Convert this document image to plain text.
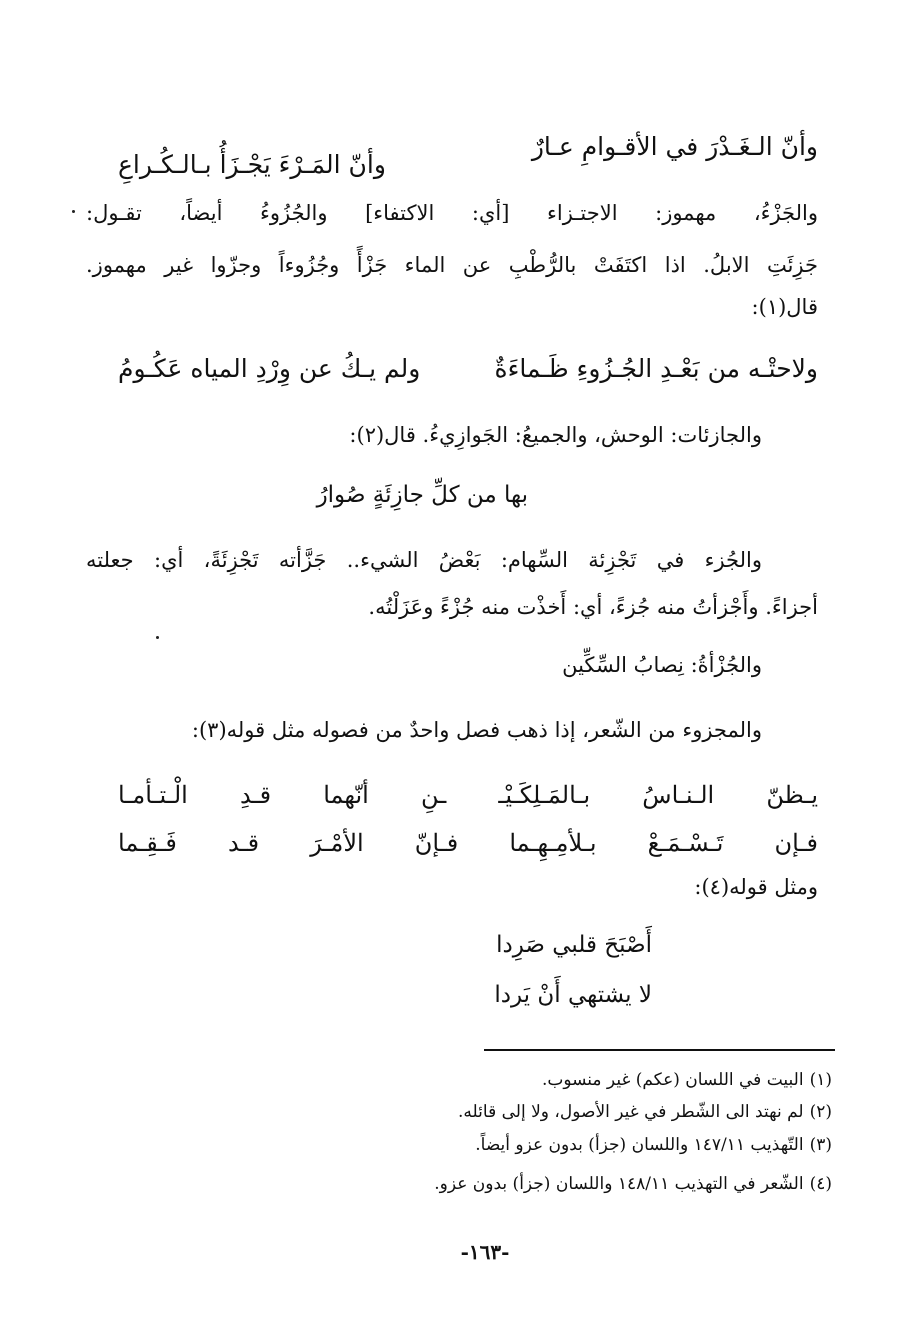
وأنّ الـغَـدْرَ في الأقـوامِ عـارٌ
وأنّ المَـرْءَ يَجْـزَأُ بـالـكُـراعِ
والجَزْءُ، مهموز: الاجتـزاء [أي: الاكتفاء] والجُزُوءُ أيضاً، تقـول:
جَزِئَتِ الابلُ. اذا اكتَفَتْ بالرُّطْبِ عن الماء جَزْأً وجُزُوءاً وجزّوا غير مهموز.
قال(١):
ولاحتْـه من بَعْـدِ الجُـزُوءِ ظَـماءَةٌ
ولم يـكُ عن وِرْدِ المياه عَكُـومُ
والجازئات: الوحش، والجميعُ: الجَوازِيءُ. قال(٢):
بها من كلِّ جازِئَةٍ صُوارُ
والجُزء في تَجْزِئة السِّهام: بَعْضُ الشيء.. جَزَّأته تَجْزِئَةً، أي: جعلته
أجزاءً. وأَجْزأتُ منه جُزءً، أي: أَخذْت منه جُزْءً وعَزَلْتُه.
والجُزْأةُ: نِصابُ السِّكِّين
والمجزوء من الشّعر، إذا ذهب فصل واحدٌ من فصوله مثل قوله(٣):
يـظنّ
الـنـاسُ
بـالمَـلِكَـيْـ
ـنِ
أنّهما
قـدِ
الْـتـأمـا
فـإن
تَـسْـمَـعْ
بـلأمِـهِـما
فـإنّ
الأمْـرَ
قـد
فَـقِـما
ومثل قوله(٤):
أَصْبَحَ قلبي صَرِدا
لا يشتهي أَنْ يَردا
(١)البيت في اللسان (عكم) غير منسوب.
(٢)لم نهتد الى الشّطر في غير الأصول، ولا إلى قائله.
(٣)التّهذيب ١٤٧/١١ واللسان (جزأ) بدون عزو أيضاً.
(٤)الشّعر في التهذيب ١٤٨/١١ واللسان (جزأ) بدون عزو.
-١٦٣-
